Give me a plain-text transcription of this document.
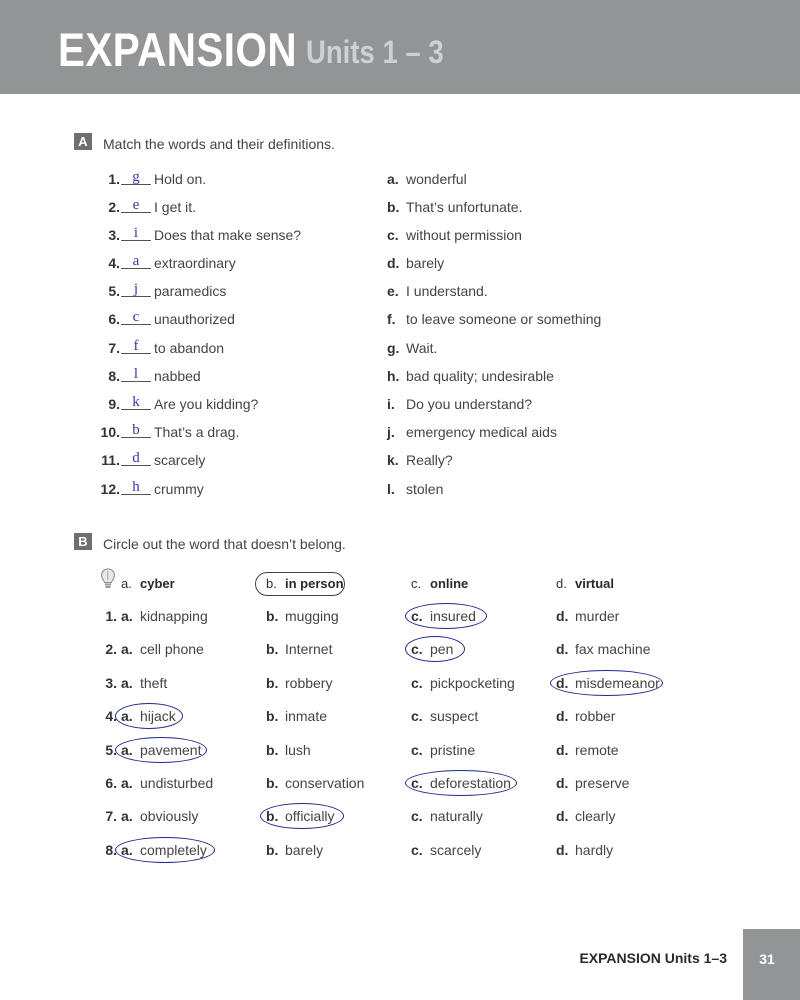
EXPANSION Units 1 – 3
A	Match the words and their definitions.
1. g	Hold on.
2. e	I get it.
3. i	Does that make sense?
4. a	extraordinary
5. j	paramedics
6. c	unauthorized
7. f	to abandon
8. l	nabbed
9. k	Are you kidding?
10. b	That’s a drag.
11. d	scarcely
12. h	crummy
a. wonderful
b. That’s unfortunate.
c. without permission
d. barely
e. I understand.
f. to leave someone or something
g. Wait.
h. bad quality; undesirable
i. Do you understand?
j. emergency medical aids
k. Really?
l. stolen
B	Circle out the word that doesn’t belong.
a. cyber	b. in person	c. online	d. virtual
1. a. kidnapping	b. mugging	c. insured	d. murder
2. a. cell phone	b. Internet	c. pen	d. fax machine
3. a. theft	b. robbery	c. pickpocketing	d. misdemeanor
4. a. hijack	b. inmate	c. suspect	d. robber
5. a. pavement	b. lush	c. pristine	d. remote
6. a. undisturbed	b. conservation	c. deforestation	d. preserve
7. a. obviously	b. officially	c. naturally	d. clearly
8. a. completely	b. barely	c. scarcely	d. hardly
EXPANSION Units 1–3	31
